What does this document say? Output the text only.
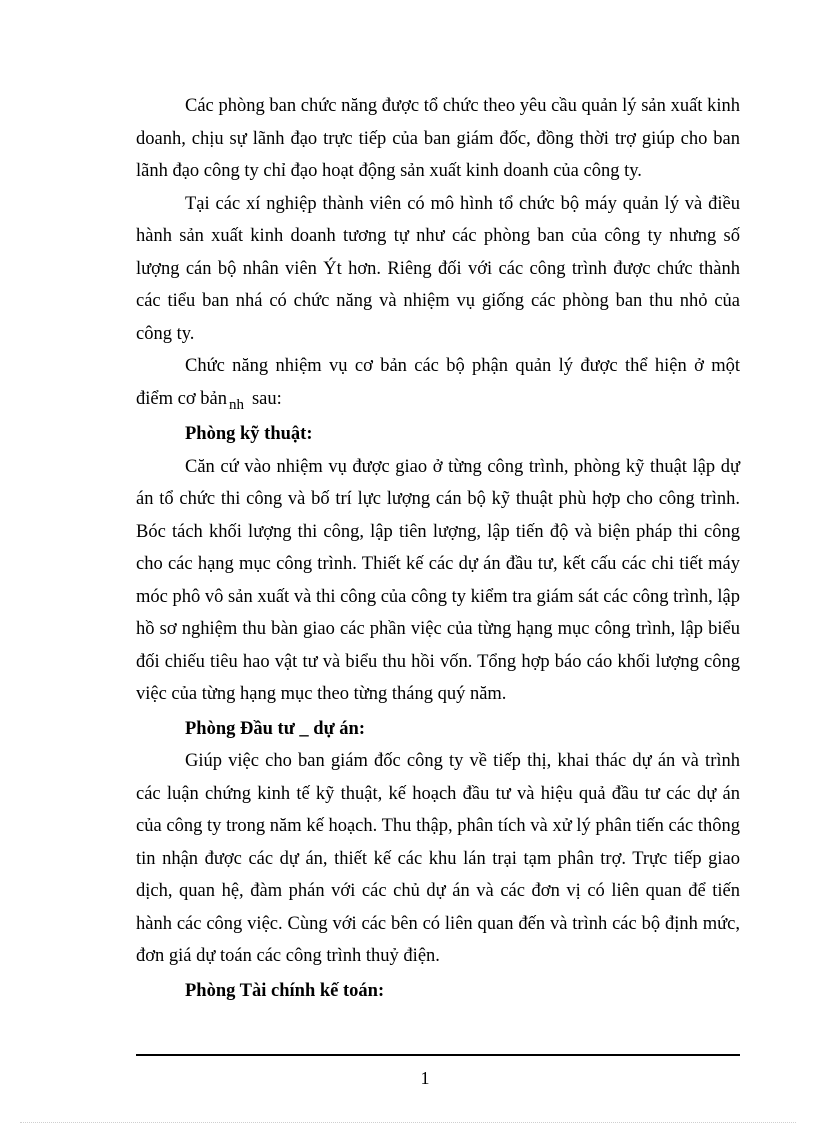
Các phòng ban chức năng được tổ chức theo yêu cầu quản lý sản xuất kinh doanh, chịu sự lãnh đạo trực tiếp của ban giám đốc, đồng thời trợ giúp cho ban lãnh đạo công ty chỉ đạo hoạt động sản xuất kinh doanh của công ty.

Tại các xí nghiệp thành viên có mô hình tổ chức bộ máy quản lý và điều hành sản xuất kinh doanh tương tự như các phòng ban của công ty nhưng số lượng cán bộ nhân viên Ýt hơn. Riêng đối với các công trình được chức thành các tiểu ban nhá có chức năng và nhiệm vụ giống các phòng ban thu nhỏ của công ty.

Chức năng nhiệm vụ cơ bản các bộ phận quản lý được thể hiện ở một điểm cơ bản $_{nh}$ sau:

Phòng kỹ thuật:

Căn cứ vào nhiệm vụ được giao ở từng công trình, phòng kỹ thuật lập dự án tổ chức thi công và bố trí lực lượng cán bộ kỹ thuật phù hợp cho công trình. Bóc tách khối lượng thi công, lập tiên lượng, lập tiến độ và biện pháp thi công cho các hạng mục công trình. Thiết kế các dự án đầu tư, kết cấu các chi tiết máy móc phô vô sản xuất và thi công của công ty kiểm tra giám sát các công trình, lập hồ sơ nghiệm thu bàn giao các phần việc của từng hạng mục công trình, lập biểu đối chiếu tiêu hao vật tư và biểu thu hồi vốn. Tổng hợp báo cáo khối lượng công việc của từng hạng mục theo từng tháng quý năm.

Phòng Đầu tư _ dự án:

Giúp việc cho ban giám đốc công ty về tiếp thị, khai thác dự án và trình các luận chứng kinh tế kỹ thuật, kế hoạch đầu tư và hiệu quả đầu tư các dự án của công ty trong năm kế hoạch. Thu thập, phân tích và xử lý phân tiến các thông tin nhận được các dự án, thiết kế các khu lán trại tạm phân trợ. Trực tiếp giao dịch, quan hệ, đàm phán với các chủ dự án và các đơn vị có liên quan để tiến hành các công việc. Cùng với các bên có liên quan đến và trình các bộ định mức, đơn giá dự toán các công trình thuỷ điện.

Phòng Tài chính kế toán:

1
